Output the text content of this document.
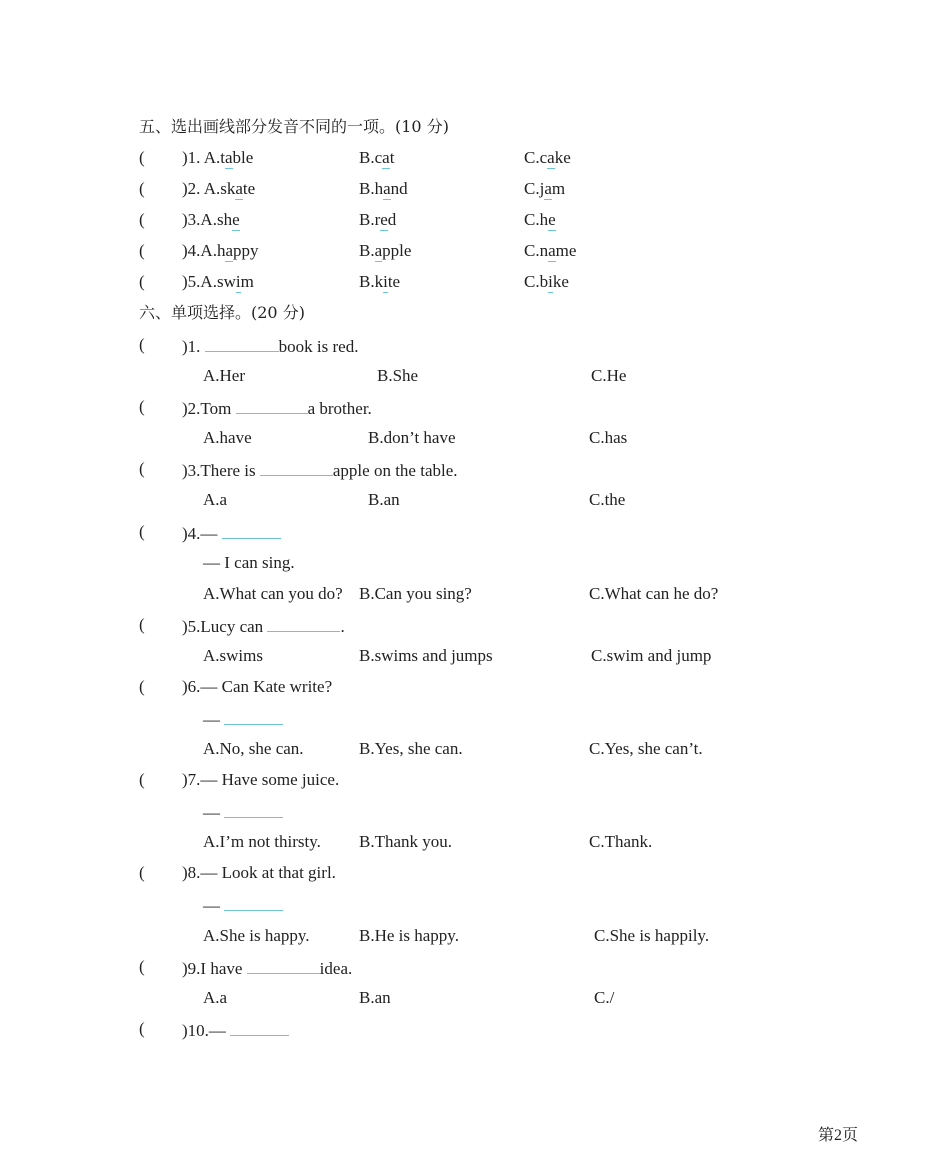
五、选出画线部分发音不同的一项。(10 分)
( )1. A.table	B.cat	C.cake
( )2. A.skate	B.hand	C.jam
( )3.A.she	B.red	C.he
( )4.A.happy	B.apple	C.name
( )5.A.swim	B.kite	C.bike
六、单项选择。(20 分)
( )1.	book is red.
A.Her	B.She	C.He
( )2.Tom	a brother.
A.have	B.don’t have	C.has
( )3.There is	apple on the table.
A.a	B.an	C.the
( )4.—
— I can sing.
A.What can you do? B.Can you sing?	C.What can he do?
( )5.Lucy can	.
A.swims	B.swims and jumps	C.swim and jump
( )6.— Can Kate write?
—
A.No, she can.	B.Yes, she can.	C.Yes, she can’t.
( )7.— Have some juice.
—
A.I’m not thirsty. B.Thank you.	C.Thank.
( )8.— Look at that girl.
—
A.She is happy.	B.He is happy.	C.She is happily.
( )9.I have	idea.
A.a	B.an	C./
( )10.—
第2页
